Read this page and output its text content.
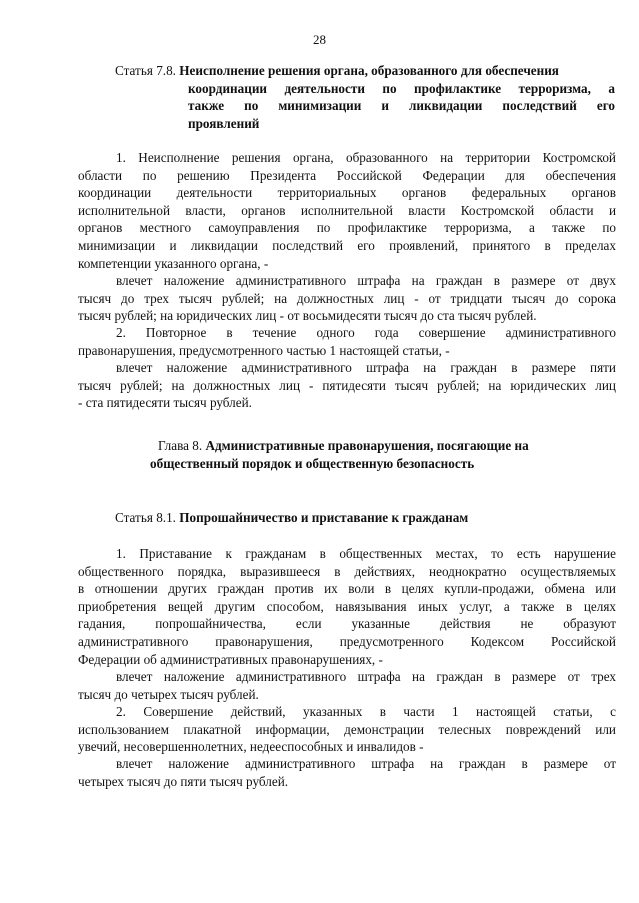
28
Статья 7.8. Неисполнение решения органа, образованного для обеспечения
координации деятельности по профилактике терроризма, а
также по минимизации и ликвидации последствий его
проявлений
1. Неисполнение решения органа, образованного на территории Костромской
области по решению Президента Российской Федерации для обеспечения
координации деятельности территориальных органов федеральных органов
исполнительной власти, органов исполнительной власти Костромской области и
органов местного самоуправления по профилактике терроризма, а также по
минимизации и ликвидации последствий его проявлений, принятого в пределах
компетенции указанного органа, -
влечет наложение административного штрафа на граждан в размере от двух
тысяч до трех тысяч рублей; на должностных лиц - от тридцати тысяч до сорока
тысяч рублей; на юридических лиц - от восьмидесяти тысяч до ста тысяч рублей.
2. Повторное в течение одного года совершение административного
правонарушения, предусмотренного частью 1 настоящей статьи, -
влечет наложение административного штрафа на граждан в размере пяти
тысяч рублей; на должностных лиц - пятидесяти тысяч рублей; на юридических лиц
- ста пятидесяти тысяч рублей.
Глава 8. Административные правонарушения, посягающие на
общественный порядок и общественную безопасность
Статья 8.1. Попрошайничество и приставание к гражданам
1. Приставание к гражданам в общественных местах, то есть нарушение
общественного порядка, выразившееся в действиях, неоднократно осуществляемых
в отношении других граждан против их воли в целях купли-продажи, обмена или
приобретения вещей другим способом, навязывания иных услуг, а также в целях
гадания, попрошайничества, если указанные действия не образуют
административного правонарушения, предусмотренного Кодексом Российской
Федерации об административных правонарушениях, -
влечет наложение административного штрафа на граждан в размере от трех
тысяч до четырех тысяч рублей.
2. Совершение действий, указанных в части 1 настоящей статьи, с
использованием плакатной информации, демонстрации телесных повреждений или
увечий, несовершеннолетних, недееспособных и инвалидов -
влечет наложение административного штрафа на граждан в размере от
четырех тысяч до пяти тысяч рублей.
